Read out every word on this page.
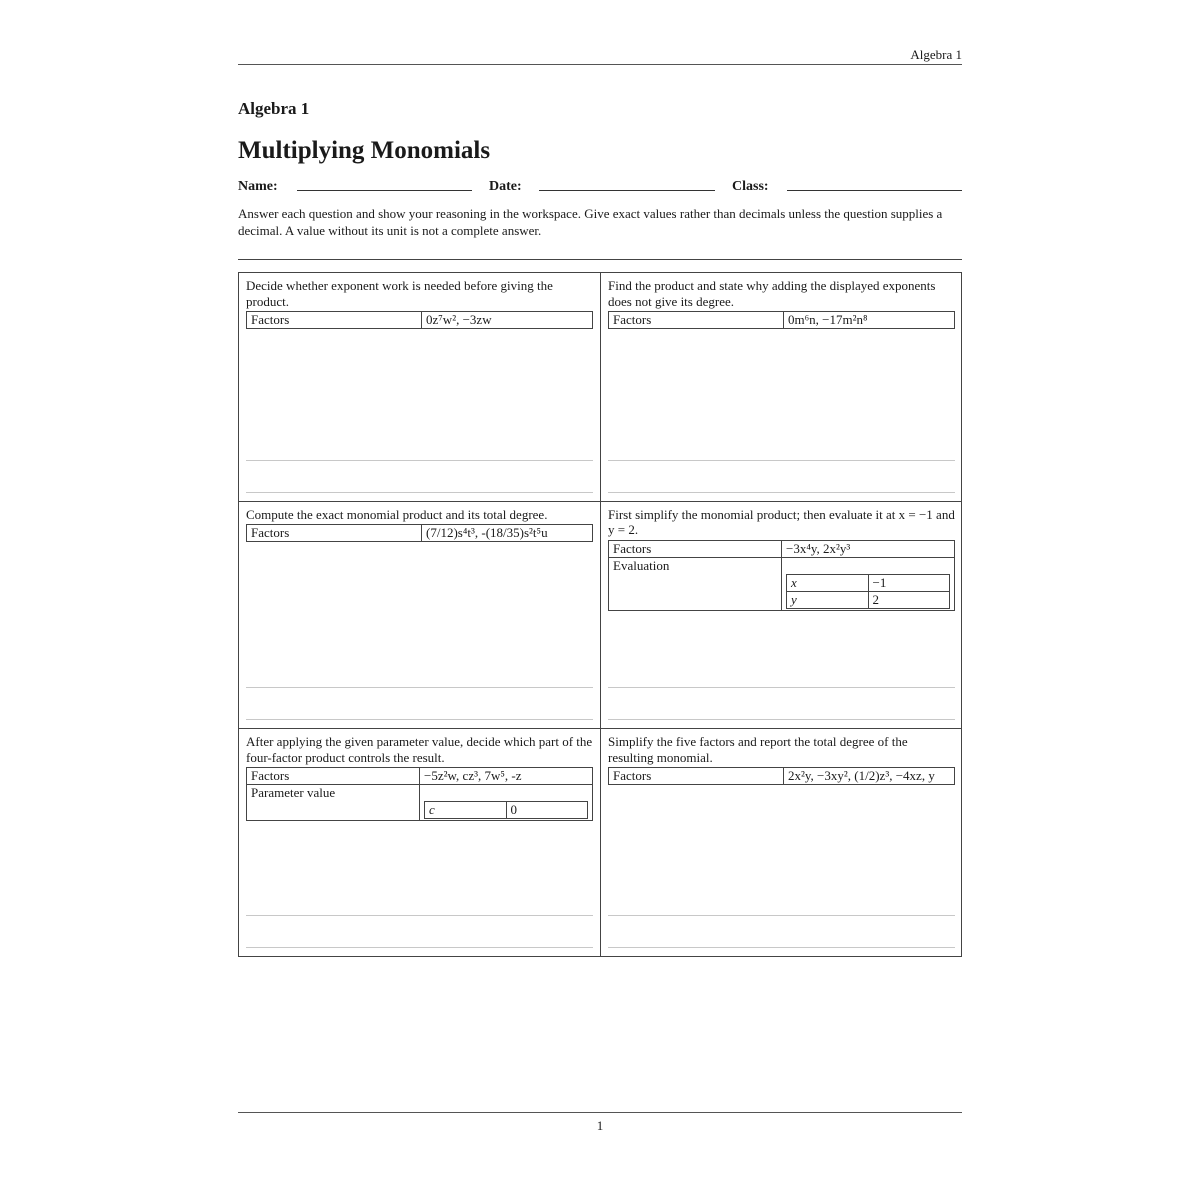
Algebra 1
Algebra 1
Multiplying Monomials
Name:	Date:	Class:
Answer each question and show your reasoning in the workspace. Give exact values rather than decimals unless the question supplies a decimal. A value without its unit is not a complete answer.
Decide whether exponent work is needed before giving the product.
Factors	0z⁷w², −3zw
Find the product and state why adding the displayed exponents does not give its degree.
Factors	0m⁶n, −17m²n⁸
Compute the exact monomial product and its total degree.
Factors	(7/12)s⁴t³, -(18/35)s²t⁵u
First simplify the monomial product; then evaluate it at x = −1 and y = 2.
Factors	−3x⁴y, 2x²y³
Evaluation	
x	−1
y	2
After applying the given parameter value, decide which part of the four-factor product controls the result.
Factors	−5z²w, cz³, 7w⁵, -z
Parameter value	
c	0
Simplify the five factors and report the total degree of the resulting monomial.
Factors	2x²y, −3xy², (1/2)z³, −4xz, y
1
